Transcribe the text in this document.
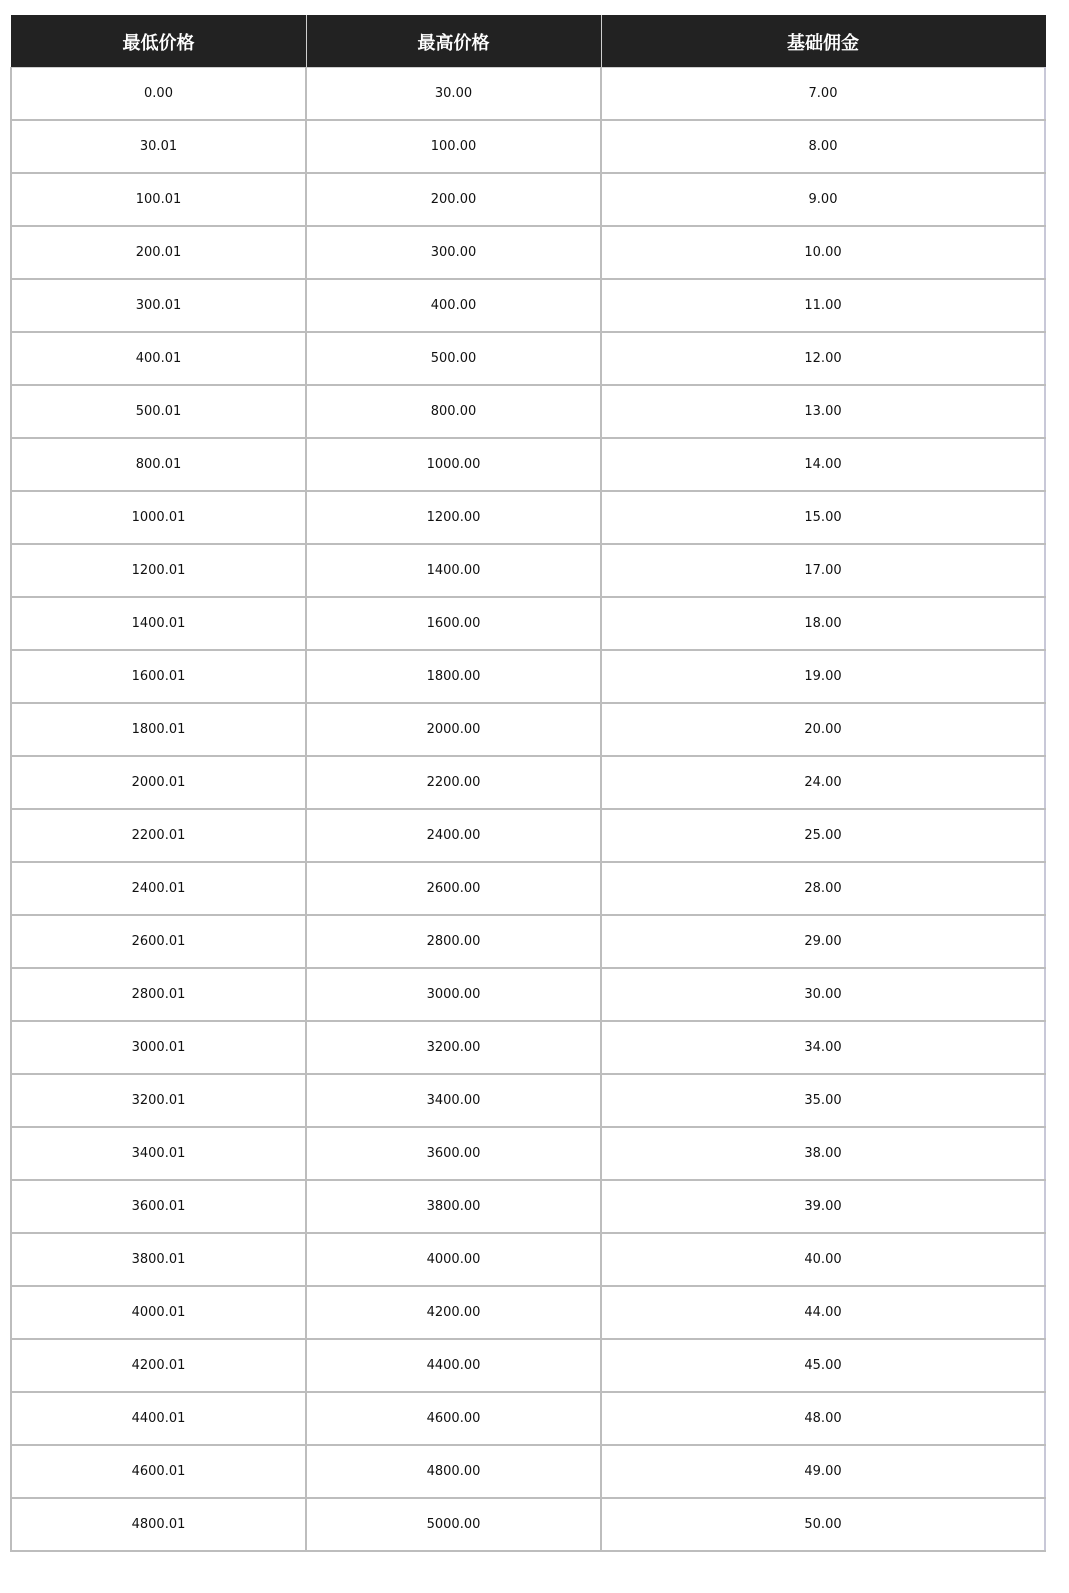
最低价格	最高价格	基础佣金
0.00	30.00	7.00
30.01	100.00	8.00
100.01	200.00	9.00
200.01	300.00	10.00
300.01	400.00	11.00
400.01	500.00	12.00
500.01	800.00	13.00
800.01	1000.00	14.00
1000.01	1200.00	15.00
1200.01	1400.00	17.00
1400.01	1600.00	18.00
1600.01	1800.00	19.00
1800.01	2000.00	20.00
2000.01	2200.00	24.00
2200.01	2400.00	25.00
2400.01	2600.00	28.00
2600.01	2800.00	29.00
2800.01	3000.00	30.00
3000.01	3200.00	34.00
3200.01	3400.00	35.00
3400.01	3600.00	38.00
3600.01	3800.00	39.00
3800.01	4000.00	40.00
4000.01	4200.00	44.00
4200.01	4400.00	45.00
4400.01	4600.00	48.00
4600.01	4800.00	49.00
4800.01	5000.00	50.00
